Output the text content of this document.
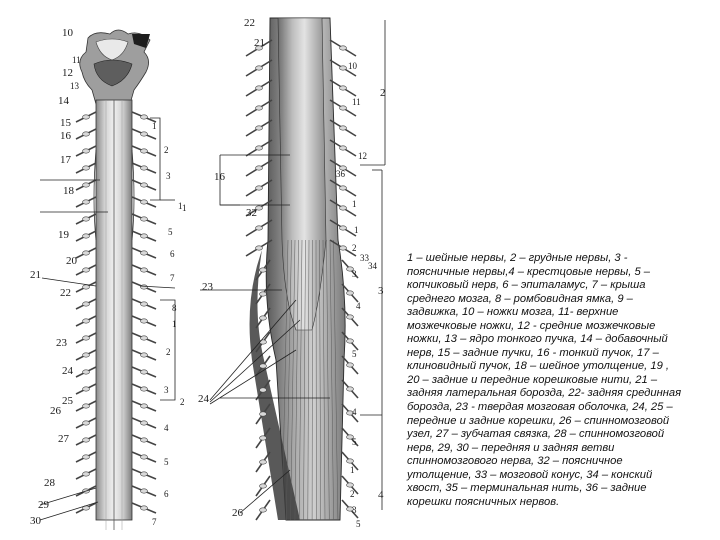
10
11
12
13
14
15
16
17
18
19
20
21
22
23
24
25
26
27
28
29
30
1
2
3
1
5
6
7
8
1
2
3
4
5
6
7
1
2
22
21
10
2
11
12
16	36
1
32
1
2
33
34
3
23	3
4
5
24
4
5
1
2 4
26	3
5
1 – шейные нервы, 2 – грудные нервы, 3 -
поясничные нервы,4 – крестцовые нервы, 5 –
копчиковый нерв, 6 – эпиталамус, 7 – крыша
среднего мозга, 8 – ромбовидная ямка, 9 –
задвижка, 10 – ножки мозга, 11- верхние
мозжечковые ножки, 12 - средние мозжечковые
ножки, 13 – ядро тонкого пучка, 14 – добавочный
нерв, 15 – задние пучки, 16 - тонкий пучок, 17 –
клиновидный пучок, 18 – шейное утолщение, 19 ,
20 – задние и передние корешковые нити, 21 –
задняя латеральная борозда, 22- задняя срединная
борозда, 23 - твердая мозговая оболочка, 24, 25 –
передние и задние корешки, 26 – спинномозговой
узел, 27 – зубчатая связка, 28 – спинномозговой
нерв, 29, 30 – передняя и задняя ветви
спинномозгового нерва, 32 – поясничное
утолщение, 33 – мозговой конус, 34 – конский
хвост, 35 – терминальная нить, 36 – задние
корешки поясничных нервов.
